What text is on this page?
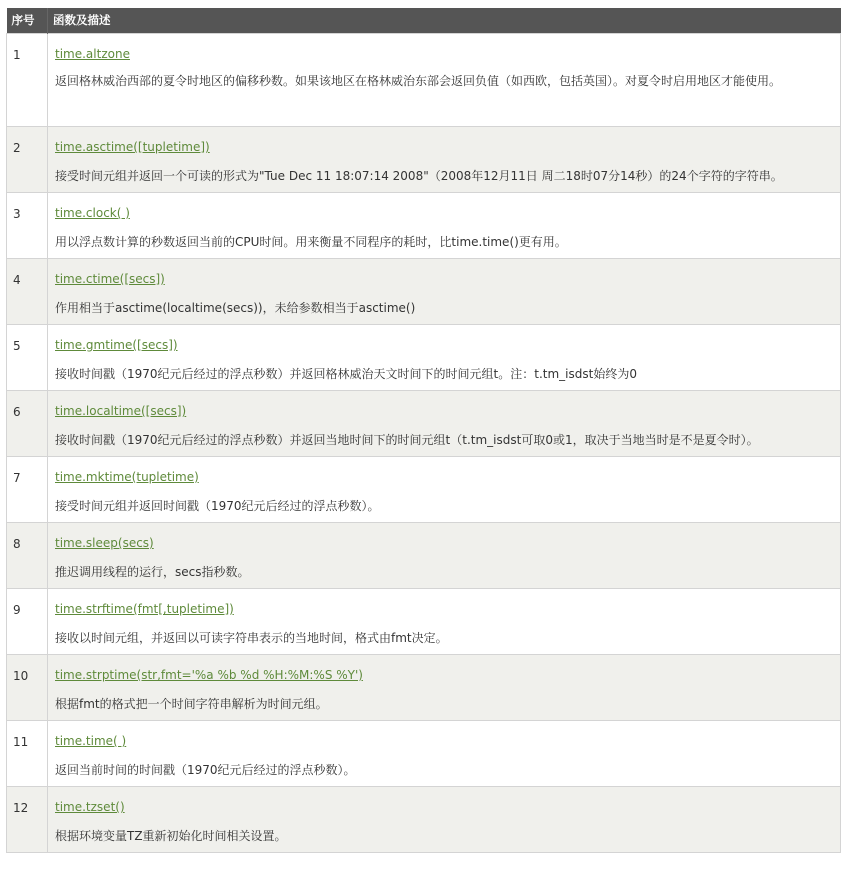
序号	函数及描述
1	time.altzone
返回格林威治西部的夏令时地区的偏移秒数。如果该地区在格林威治东部会返回负值（如西欧，包括英国）。对夏令时启用地区才能使用。

2	time.asctime([tupletime])
接受时间元组并返回一个可读的形式为"Tue Dec 11 18:07:14 2008"（2008年12月11日 周二18时07分14秒）的24个字符的字符串。

3	time.clock( )
用以浮点数计算的秒数返回当前的CPU时间。用来衡量不同程序的耗时，比time.time()更有用。

4	time.ctime([secs])
作用相当于asctime(localtime(secs))，未给参数相当于asctime()

5	time.gmtime([secs])
接收时间戳（1970纪元后经过的浮点秒数）并返回格林威治天文时间下的时间元组t。注：t.tm_isdst始终为0

6	time.localtime([secs])
接收时间戳（1970纪元后经过的浮点秒数）并返回当地时间下的时间元组t（t.tm_isdst可取0或1，取决于当地当时是不是夏令时）。

7	time.mktime(tupletime)
接受时间元组并返回时间戳（1970纪元后经过的浮点秒数）。

8	time.sleep(secs)
推迟调用线程的运行，secs指秒数。

9	time.strftime(fmt[,tupletime])
接收以时间元组，并返回以可读字符串表示的当地时间，格式由fmt决定。

10	time.strptime(str,fmt='%a %b %d %H:%M:%S %Y')
根据fmt的格式把一个时间字符串解析为时间元组。

11	time.time( )
返回当前时间的时间戳（1970纪元后经过的浮点秒数）。

12	time.tzset()
根据环境变量TZ重新初始化时间相关设置。
